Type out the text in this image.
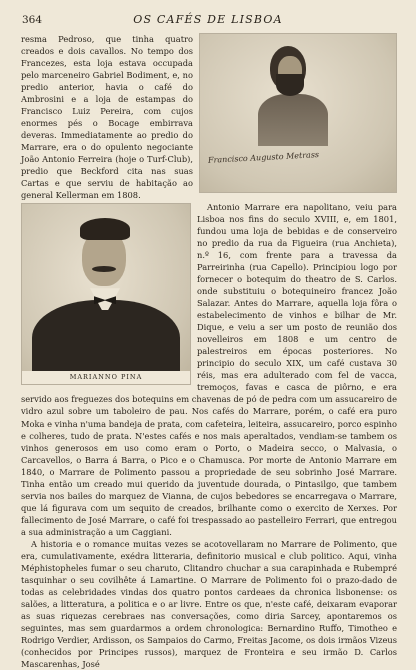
364	OS CAFÉS DE LISBOA
Francisco Augusto Metrass

resma Pedroso, que tinha quatro creados e dois cavallos. No tempo dos Francezes, esta loja estava occupada pelo marceneiro Gabriel Bodiment, e, no predio anterior, havia o café do Ambrosini e a loja de estampas do Francisco Luiz Pereira, com cujos enormes pés o Bocage embirrava deveras. Immediatamente ao predio do Marrare, era o do opulento negociante João Antonio Ferreira (hoje o Turf-Club), predio que Beckford cita nas suas Cartas e que serviu de habitação ao general Kellerman em 1808.

MARIANNO PINA

Antonio Marrare era napolitano, veiu para Lisboa nos fins do seculo XVIII, e, em 1801, fundou uma loja de bebidas e de conserveiro no predio da rua da Figueira (rua Anchieta), n.º 16, com frente para a travessa da Parreirinha (rua Capello). Principiou logo por fornecer o botequim do theatro de S. Carlos. onde substituiu o botequineiro francez João Salazar. Antes do Marrare, aquella loja fôra o estabelecimento de vinhos e bilhar de Mr. Dique, e veiu a ser um posto de reunião dos novelleiros em 1808 e um centro de palestreiros em épocas posteriores. No principio do seculo XIX, um café custava 30 réis, mas era adulterado com fel de vacca, tremoços, favas e casca de piôrno, e era servido aos freguezes dos botequins em chavenas de pó de pedra com um assucareiro de vidro azul sobre um taboleiro de pau. Nos cafés do Marrare, porém, o café era puro Moka e vinha n'uma bandeja de prata, com cafeteira, leiteira, assucareiro, porco espinho e colheres, tudo de prata. N'estes cafés e nos mais aperaltados, vendiam-se tambem os vinhos generosos em uso como eram o Porto, o Madeira secco, o Malvasia, o Carcavellos, o Barra á Barra, o Pico e o Chamusca. Por morte de Antonio Marrare em 1840, o Marrare de Polimento passou a propriedade de seu sobrinho José Marrare. Tinha então um creado mui querido da juventude dourada, o Pintasilgo, que tambem servia nos bailes do marquez de Vianna, de cujos bebedores se encarregava o Marrare, que lá figurava com um sequito de creados, brilhante como o exercito de Xerxes. Por fallecimento de José Marrare, o café foi trespassado ao pastelleiro Ferrari, que entregou a sua administração a um Caggiani.

A historia e o romance muitas vezes se acotovellaram no Marrare de Polimento, que era, cumulativamente, exédra litteraria, definitorio musical e club politico. Aqui, vinha Méphistopheles fumar o seu charuto, Clitandro chuchar a sua carapinhada e Rubempré tasquinhar o seu covilhête á Lamartine. O Marrare de Polimento foi o prazo-dado de todas as celebridades vindas dos quatro pontos cardeaes da chronica lisbonense: os salões, a litteratura, a politica e o ar livre. Entre os que, n'este café, deixaram evaporar as suas riquezas cerebraes nas conversações, como diria Sarcey, apontaremos os seguintes, mas sem guardarmos a ordem chronologica: Bernardino Ruffo, Timotheo e Rodrigo Verdier, Ardisson, os Sampaios do Carmo, Freitas Jacome, os dois irmãos Vizeus (conhecidos por Principes russos), marquez de Fronteira e seu irmão D. Carlos Mascarenhas, José
